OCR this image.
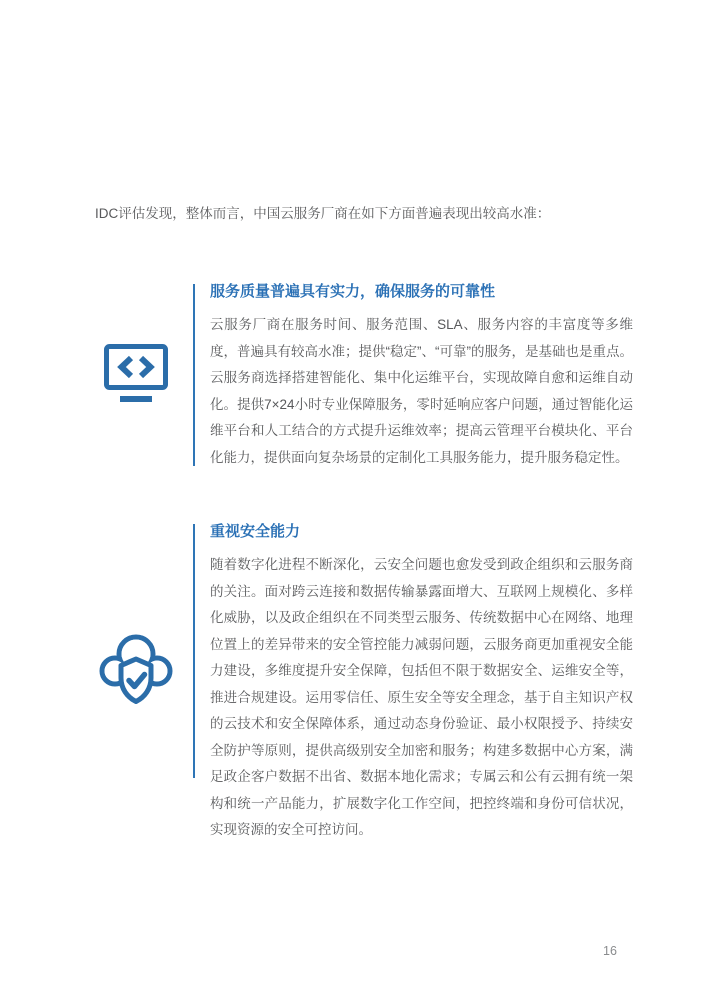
IDC评估发现，整体而言，中国云服务厂商在如下方面普遍表现出较高水准：
服务质量普遍具有实力，确保服务的可靠性

云服务厂商在服务时间、服务范围、SLA、服务内容的丰富度等多维度，普遍具有较高水准；提供“稳定”、“可靠”的服务，是基础也是重点。云服务商选择搭建智能化、集中化运维平台，实现故障自愈和运维自动化。提供7×24小时专业保障服务，零时延响应客户问题，通过智能化运维平台和人工结合的方式提升运维效率；提高云管理平台模块化、平台化能力，提供面向复杂场景的定制化工具服务能力，提升服务稳定性。

重视安全能力

随着数字化进程不断深化，云安全问题也愈发受到政企组织和云服务商的关注。面对跨云连接和数据传输暴露面增大、互联网上规模化、多样化威胁，以及政企组织在不同类型云服务、传统数据中心在网络、地理位置上的差异带来的安全管控能力减弱问题，云服务商更加重视安全能力建设，多维度提升安全保障，包括但不限于数据安全、运维安全等，推进合规建设。运用零信任、原生安全等安全理念，基于自主知识产权的云技术和安全保障体系，通过动态身份验证、最小权限授予、持续安全防护等原则，提供高级别安全加密和服务；构建多数据中心方案，满足政企客户数据不出省、数据本地化需求；专属云和公有云拥有统一架构和统一产品能力，扩展数字化工作空间，把控终端和身份可信状况，实现资源的安全可控访问。

16
